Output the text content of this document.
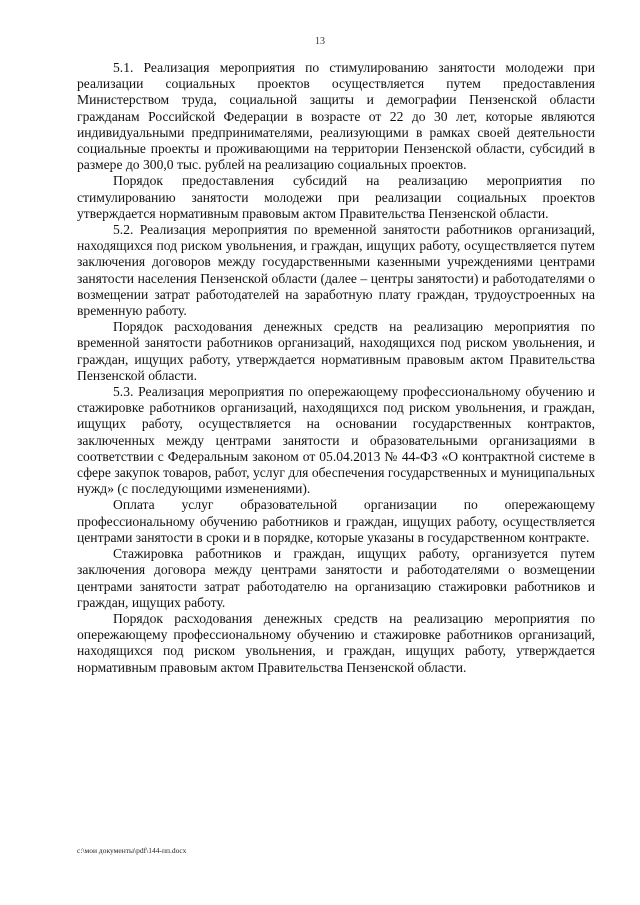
13

5.1. Реализация мероприятия по стимулированию занятости молодежи при реализации социальных проектов осуществляется путем предоставления Министерством труда, социальной защиты и демографии Пензенской области гражданам Российской Федерации в возрасте от 22 до 30 лет, которые являются индивидуальными предпринимателями, реализующими в рамках своей деятельности социальные проекты и проживающими на территории Пензенской области, субсидий в размере до 300,0 тыс. рублей на реализацию социальных проектов.

Порядок предоставления субсидий на реализацию мероприятия по стимулированию занятости молодежи при реализации социальных проектов утверждается нормативным правовым актом Правительства Пензенской области.

5.2. Реализация мероприятия по временной занятости работников организаций, находящихся под риском увольнения, и граждан, ищущих работу, осуществляется путем заключения договоров между государственными казенными учреждениями центрами занятости населения Пензенской области (далее – центры занятости) и работодателями о возмещении затрат работодателей на заработную плату граждан, трудоустроенных на временную работу.

Порядок расходования денежных средств на реализацию мероприятия по временной занятости работников организаций, находящихся под риском увольнения, и граждан, ищущих работу, утверждается нормативным правовым актом Правительства Пензенской области.

5.3. Реализация мероприятия по опережающему профессиональному обучению и стажировке работников организаций, находящихся под риском увольнения, и граждан, ищущих работу, осуществляется на основании государственных контрактов, заключенных между центрами занятости и образовательными организациями в соответствии с Федеральным законом от 05.04.2013 № 44-ФЗ «О контрактной системе в сфере закупок товаров, работ, услуг для обеспечения государственных и муниципальных нужд» (с последующими изменениями).

Оплата услуг образовательной организации по опережающему профессиональному обучению работников и граждан, ищущих работу, осуществляется центрами занятости в сроки и в порядке, которые указаны в государственном контракте.

Стажировка работников и граждан, ищущих работу, организуется путем заключения договора между центрами занятости и работодателями о возмещении центрами занятости затрат работодателю на организацию стажировки работников и граждан, ищущих работу.

Порядок расходования денежных средств на реализацию мероприятия по опережающему профессиональному обучению и стажировке работников организаций, находящихся под риском увольнения, и граждан, ищущих работу, утверждается нормативным правовым актом Правительства Пензенской области.

c:\мои документы\pdf\144-пп.docx
